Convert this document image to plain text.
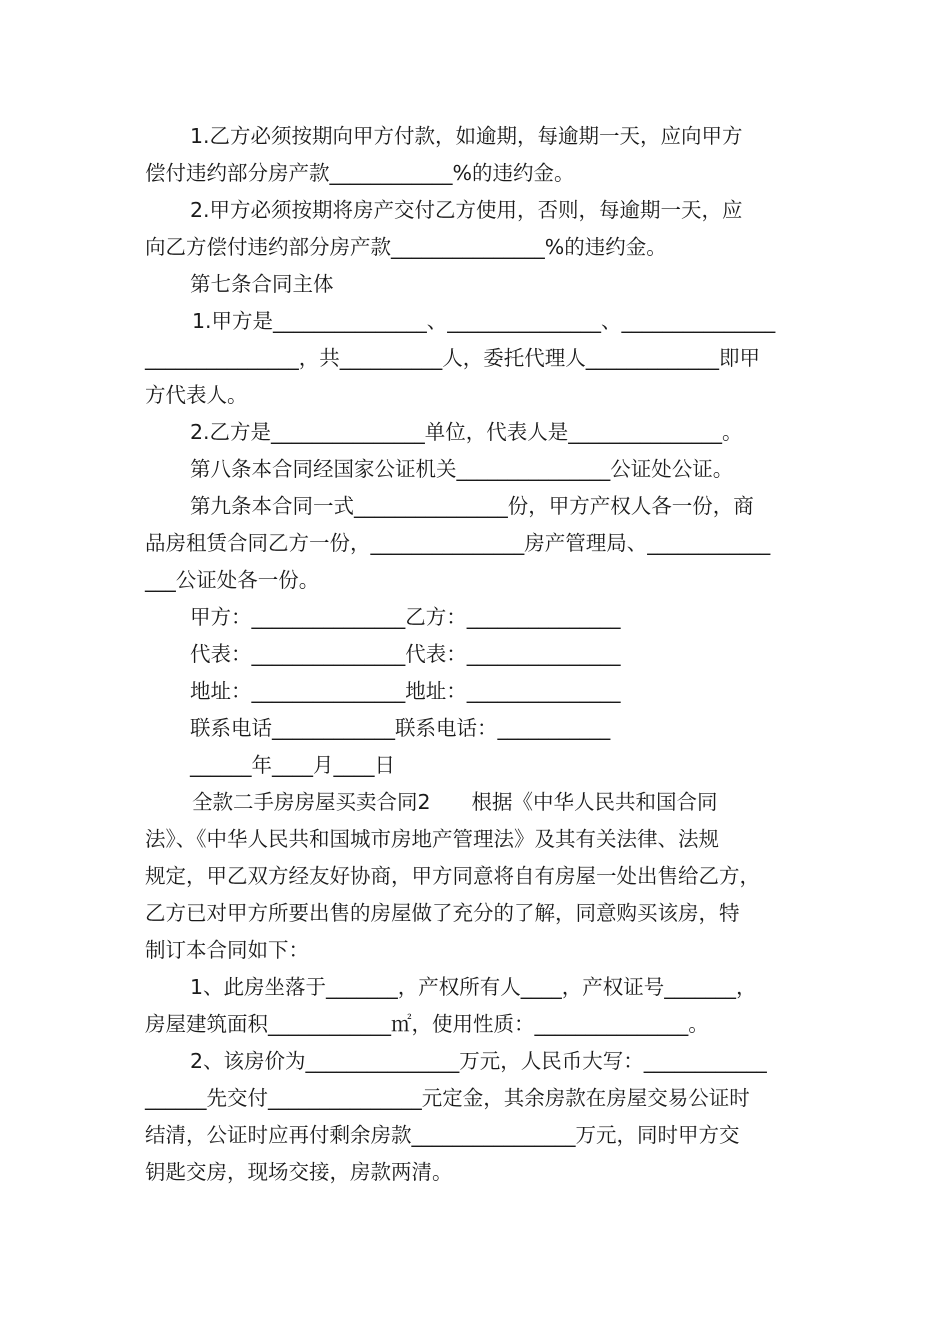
1.乙方必须按期向甲方付款，如逾期，每逾期一天，应向甲方
偿付违约部分房产款____________%的违约金。
2.甲方必须按期将房产交付乙方使用，否则，每逾期一天，应
向乙方偿付违约部分房产款_______________%的违约金。
第七条合同主体
1.甲方是_______________、_______________、_______________
_______________，共__________人，委托代理人_____________即甲
方代表人。
2.乙方是_______________单位，代表人是_______________。
第八条本合同经国家公证机关_______________公证处公证。
第九条本合同一式_______________份，甲方产权人各一份，商
品房租赁合同乙方一份，_______________房产管理局、____________
___公证处各一份。
甲方：_______________乙方：_______________
代表：_______________代表：_______________
地址：_______________地址：_______________
联系电话____________联系电话：___________
______年____月____日
全款二手房房屋买卖合同2　　根据《中华人民共和国合同
法》、《中华人民共和国城市房地产管理法》及其有关法律、法规
规定，甲乙双方经友好协商，甲方同意将自有房屋一处出售给乙方，
乙方已对甲方所要出售的房屋做了充分的了解，同意购买该房，特
制订本合同如下：
1、此房坐落于_______，产权所有人____，产权证号_______，
房屋建筑面积____________㎡，使用性质：_______________。
2、该房价为_______________万元，人民币大写：____________
______先交付_______________元定金，其余房款在房屋交易公证时
结清，公证时应再付剩余房款________________万元，同时甲方交
钥匙交房，现场交接，房款两清。
